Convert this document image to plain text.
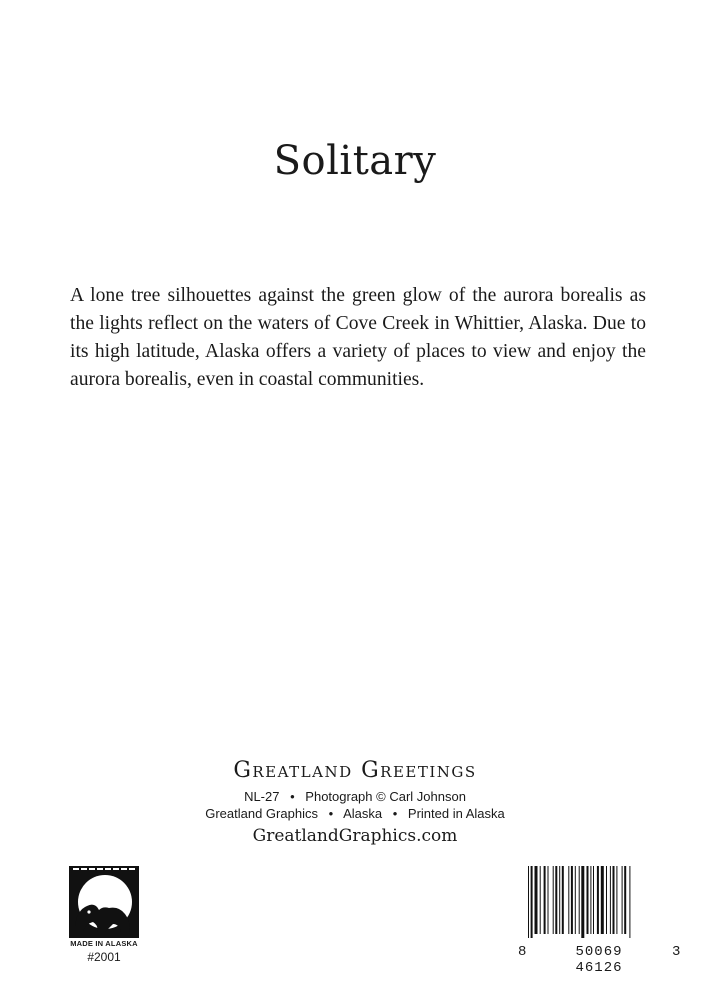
Solitary

A lone tree silhouettes against the green glow of the aurora borealis as the lights reflect on the waters of Cove Creek in Whittier, Alaska. Due to its high latitude, Alaska offers a variety of places to view and enjoy the aurora borealis, even in coastal communities.

Greatland Greetings
NL-27 • Photograph © Carl Johnson
Greatland Graphics • Alaska • Printed in Alaska
GreatlandGraphics.com
MADE IN ALASKA
#2001	8	50069 46126
3
